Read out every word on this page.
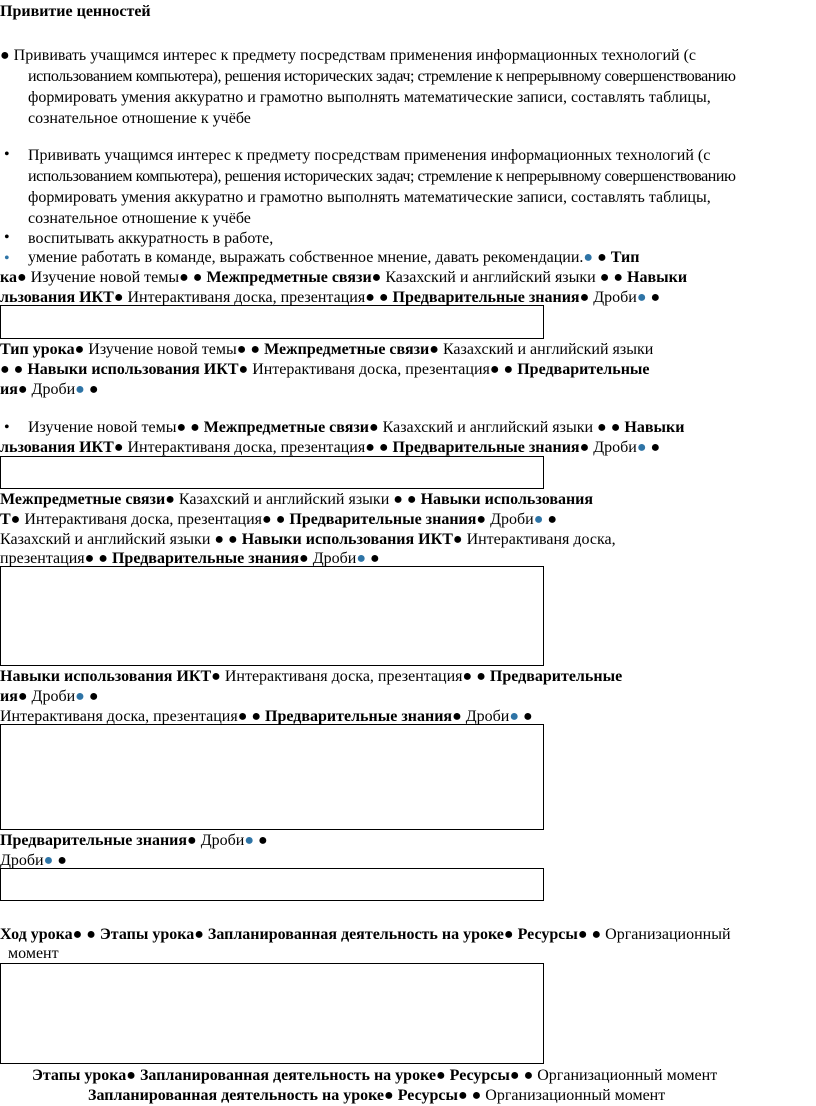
Привитие ценностей
● Прививать учащимся интерес к предмету посредствам применения информационных технологий (с
использованием компьютера), решения исторических задач; стремление к непрерывному совершенствованию
формировать умения аккуратно и грамотно выполнять математические записи, составлять таблицы,
сознательное отношение к учёбе
• Прививать учащимся интерес к предмету посредствам применения информационных технологий (с
использованием компьютера), решения исторических задач; стремление к непрерывному совершенствованию
формировать умения аккуратно и грамотно выполнять математические записи, составлять таблицы,
сознательное отношение к учёбе
• воспитывать аккуратность в работе,
• умение работать в команде, выражать собственное мнение, давать рекомендации.● ● Тип
ка● Изучение новой темы● ● Межпредметные связи● Казахский и английский языки ● ● Навыки
льзования ИКТ● Интерактиваня доска, презентация● ● Предварительные знания● Дроби● ●
Тип урока● Изучение новой темы● ● Межпредметные связи● Казахский и английский языки
● ● Навыки использования ИКТ● Интерактиваня доска, презентация● ● Предварительные
ия● Дроби● ●
• Изучение новой темы● ● Межпредметные связи● Казахский и английский языки ● ● Навыки
льзования ИКТ● Интерактиваня доска, презентация● ● Предварительные знания● Дроби● ●
Межпредметные связи● Казахский и английский языки ● ● Навыки использования
Т● Интерактиваня доска, презентация● ● Предварительные знания● Дроби● ●
Казахский и английский языки ● ● Навыки использования ИКТ● Интерактиваня доска,
презентация● ● Предварительные знания● Дроби● ●
Навыки использования ИКТ● Интерактиваня доска, презентация● ● Предварительные
ия● Дроби● ●
Интерактиваня доска, презентация● ● Предварительные знания● Дроби● ●
Предварительные знания● Дроби● ●
Дроби● ●
Ход урока● ● Этапы урока● Запланированная деятельность на уроке● Ресурсы● ● Организационный
момент
Этапы урока● Запланированная деятельность на уроке● Ресурсы● ● Организационный момент
Запланированная деятельность на уроке● Ресурсы● ● Организационный момент
